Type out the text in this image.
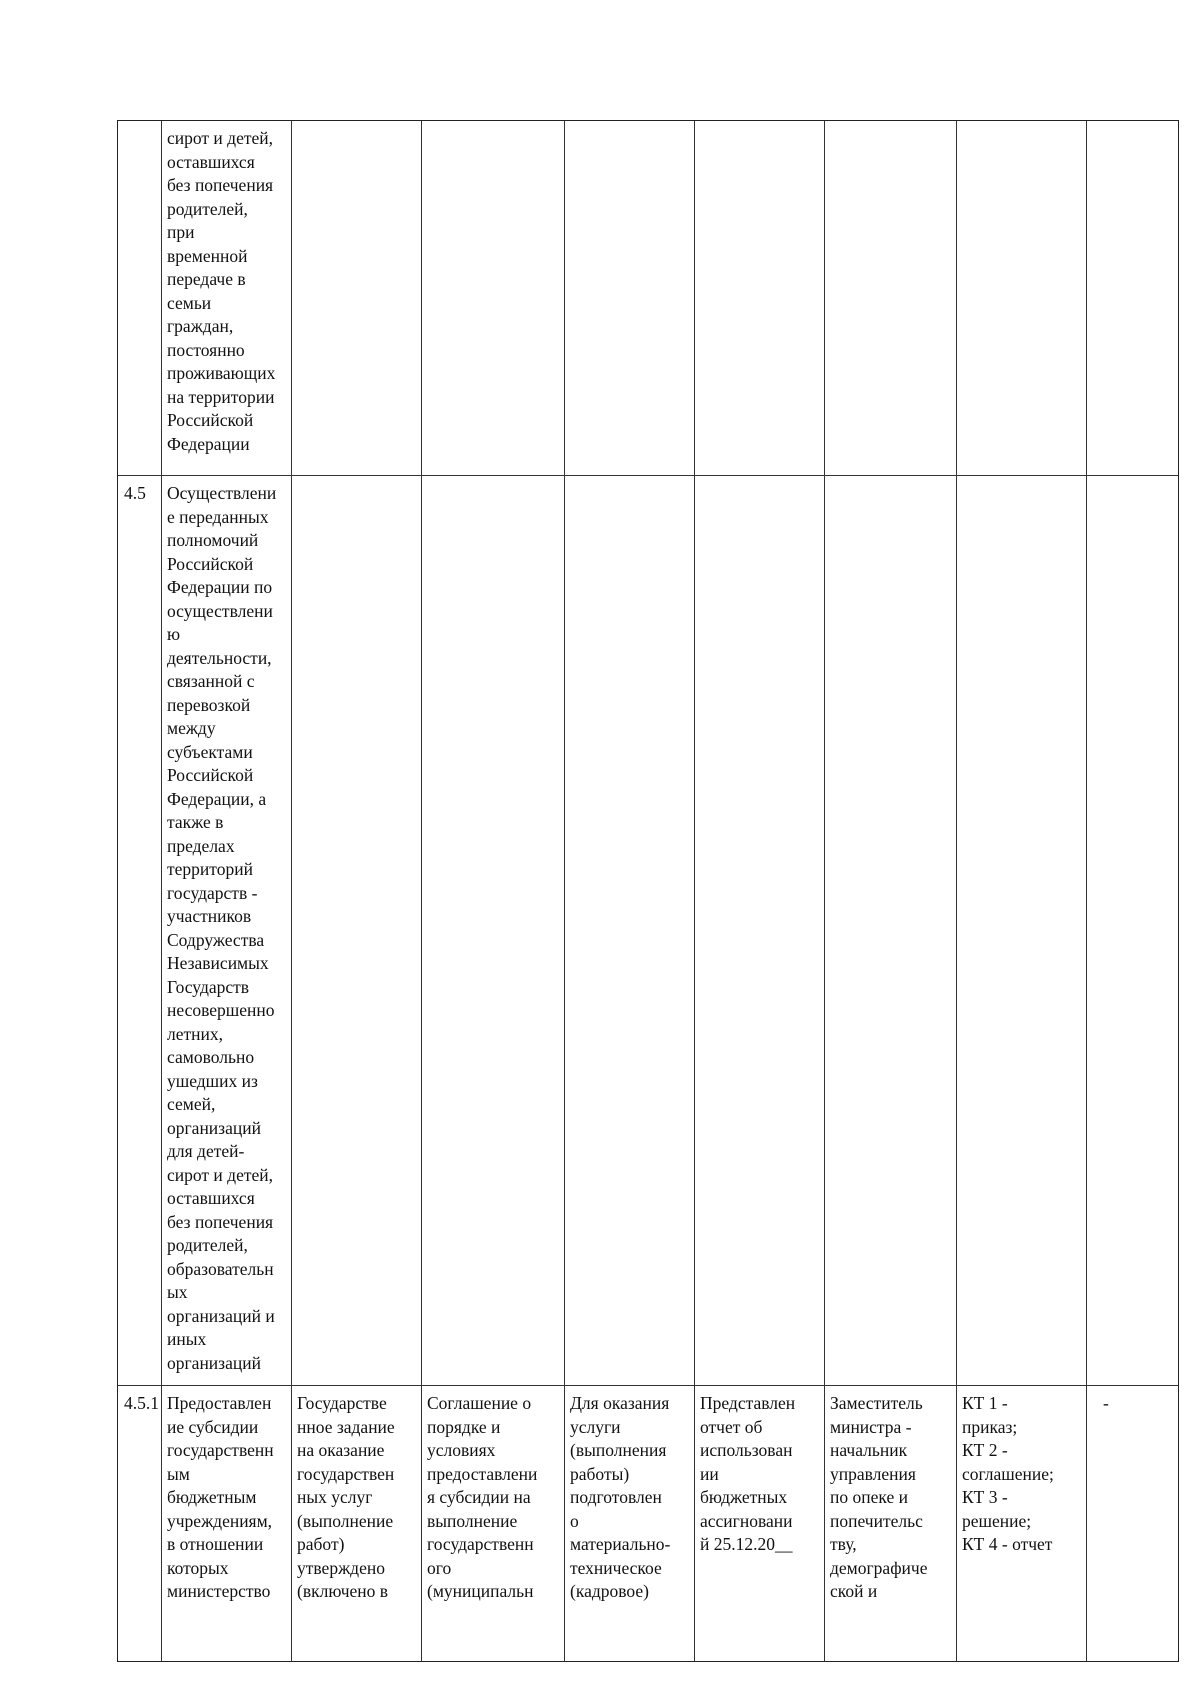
сирот и детей,
оставшихся
без попечения
родителей,
при
временной
передаче в
семьи
граждан,
постоянно
проживающих
на территории
Российской
Федерации
4.5	Осуществлени
е переданных
полномочий
Российской
Федерации по
осуществлени
ю
деятельности,
связанной с
перевозкой
между
субъектами
Российской
Федерации, а
также в
пределах
территорий
государств -
участников
Содружества
Независимых
Государств
несовершенно
летних,
самовольно
ушедших из
семей,
организаций
для детей-
сирот и детей,
оставшихся
без попечения
родителей,
образовательн
ых
организаций и
иных
организаций
4.5.1 Предоставлен
ие субсидии
государственн
ым
бюджетным
учреждениям,
в отношении
которых
министерство
Государстве
нное задание
на оказание
государствен
ных услуг
(выполнение
работ)
утверждено
(включено в
Соглашение о
порядке и
условиях
предоставлени
я субсидии на
выполнение
государственн
ого
(муниципальн
Для оказания
услуги
(выполнения
работы)
подготовлен
о
материально-
техническое
(кадровое)
Представлен
отчет об
использован
ии
бюджетных
ассигновани
й 25.12.20__
Заместитель
министра -
начальник
управления
по опеке и
попечительс
тву,
демографиче
ской и
КТ 1 -
приказ;
КТ 2 -
соглашение;
КТ 3 -
решение;
КТ 4 - отчет
-
